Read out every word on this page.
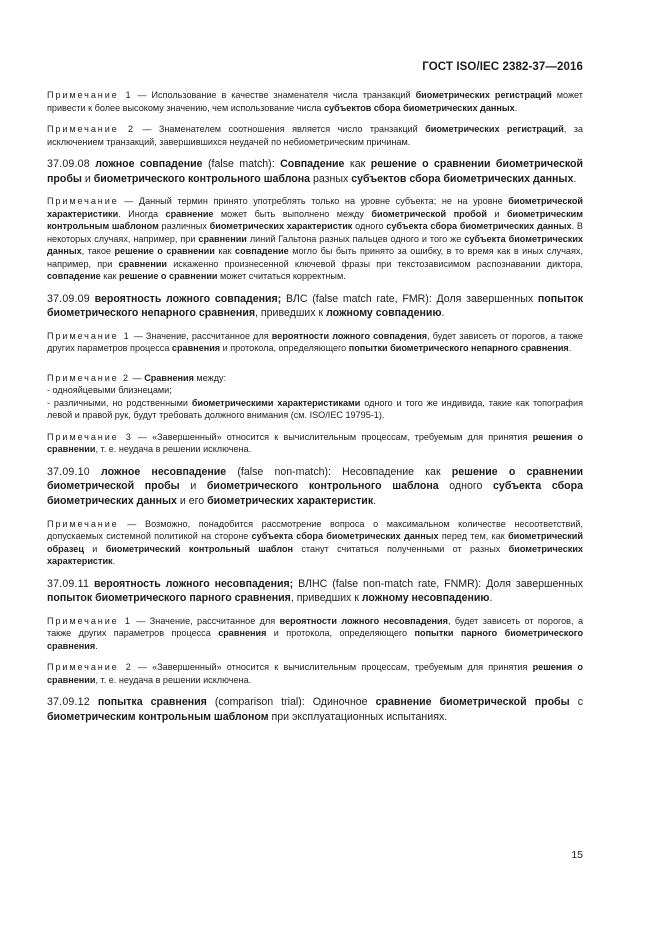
ГОСТ ISO/IEC 2382-37—2016

Примечание 1 — Использование в качестве знаменателя числа транзакций биометрических регистраций может привести к более высокому значению, чем использование числа субъектов сбора биометрических данных.

Примечание 2 — Знаменателем соотношения является число транзакций биометрических регистраций, за исключением транзакций, завершившихся неудачей по небиометрическим причинам.

37.09.08 ложное совпадение (false match): Совпадение как решение о сравнении биометрической пробы и биометрического контрольного шаблона разных субъектов сбора биометрических данных.

Примечание — Данный термин принято употреблять только на уровне субъекта; не на уровне биометрической характеристики. Иногда сравнение может быть выполнено между биометрической пробой и биометрическим контрольным шаблоном различных биометрических характеристик одного субъекта сбора биометрических данных. В некоторых случаях, например, при сравнении линий Гальтона разных пальцев одного и того же субъекта биометрических данных, такое решение о сравнении как совпадение могло бы быть принято за ошибку, в то время как в иных случаях, например, при сравнении искаженно произнесенной ключевой фразы при текстозависимом распознавании диктора, совпадение как решение о сравнении может считаться корректным.

37.09.09 вероятность ложного совпадения; ВЛС (false match rate, FMR): Доля завершенных попыток биометрического непарного сравнения, приведших к ложному совпадению.

Примечание 1 — Значение, рассчитанное для вероятности ложного совпадения, будет зависеть от порогов, а также других параметров процесса сравнения и протокола, определяющего попытки биометрического непарного сравнения.

Примечание 2 — Сравнения между:

- однояйцевыми близнецами;

- различными, но родственными биометрическими характеристиками одного и того же индивида, такие как топография левой и правой рук, будут требовать должного внимания (см. ISO/IEC 19795-1).

Примечание 3 — «Завершенный» относится к вычислительным процессам, требуемым для принятия решения о сравнении, т. е. неудача в решении исключена.

37.09.10 ложное несовпадение (false non-match): Несовпадение как решение о сравнении биометрической пробы и биометрического контрольного шаблона одного субъекта сбора биометрических данных и его биометрических характеристик.

Примечание — Возможно, понадобится рассмотрение вопроса о максимальном количестве несоответствий, допускаемых системной политикой на стороне субъекта сбора биометрических данных перед тем, как биометрический образец и биометрический контрольный шаблон станут считаться полученными от разных биометрических характеристик.

37.09.11 вероятность ложного несовпадения; ВЛНС (false non-match rate, FNMR): Доля завершенных попыток биометрического парного сравнения, приведших к ложному несовпадению.

Примечание 1 — Значение, рассчитанное для вероятности ложного несовпадения, будет зависеть от порогов, а также других параметров процесса сравнения и протокола, определяющего попытки парного биометрического сравнения.

Примечание 2 — «Завершенный» относится к вычислительным процессам, требуемым для принятия решения о сравнении, т. е. неудача в решении исключена.

37.09.12 попытка сравнения (comparison trial): Одиночное сравнение биометрической пробы с биометрическим контрольным шаблоном при эксплуатационных испытаниях.

15
